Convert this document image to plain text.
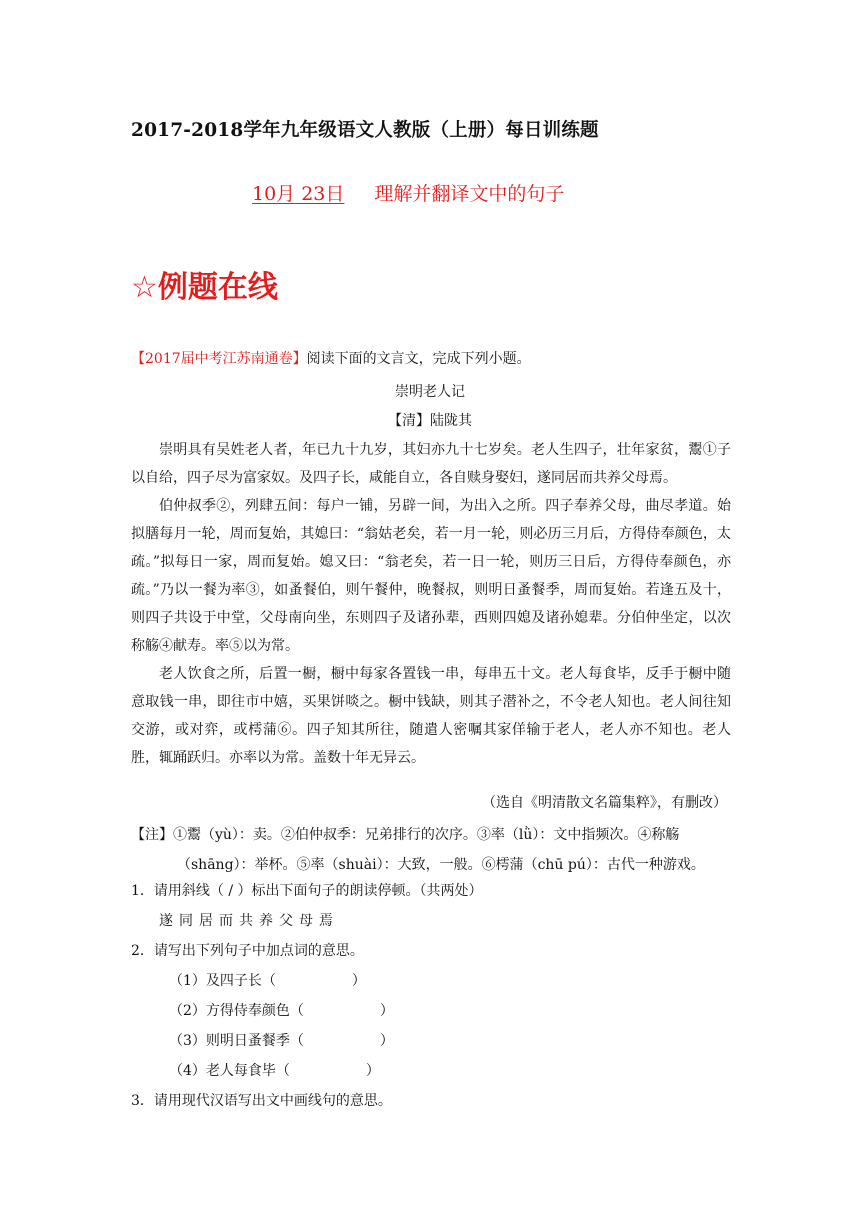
2017-2018学年九年级语文人教版（上册）每日训练题
10月 23日 理解并翻译文中的句子
☆例题在线
【2017届中考江苏南通卷】阅读下面的文言文，完成下列小题。
崇明老人记
【清】陆陇其

崇明具有吴姓老人者，年已九十九岁，其妇亦九十七岁矣。老人生四子，壮年家贫，鬻①子以自给，四子尽为富家奴。及四子长，咸能自立，各自赎身娶妇，遂同居而共养父母焉。

伯仲叔季②，列肆五间：每户一铺，另辟一间，为出入之所。四子奉养父母，曲尽孝道。始拟膳每月一轮，周而复始，其媳曰：“翁姑老矣，若一月一轮，则必历三月后，方得侍奉颜色，太疏。”拟每日一家，周而复始。媳又曰：“翁老矣，若一日一轮，则历三日后，方得侍奉颜色，亦疏。”乃以一餐为率③，如蚤餐伯，则午餐仲，晚餐叔，则明日蚤餐季，周而复始。若逢五及十，则四子共设于中堂，父母南向坐，东则四子及诸孙辈，西则四媳及诸孙媳辈。分伯仲坐定，以次称觞④献寿。率⑤以为常。

老人饮食之所，后置一橱，橱中每家各置钱一串，每串五十文。老人每食毕，反手于橱中随意取钱一串，即往市中嬉，买果饼啖之。橱中钱缺，则其子潜补之，不令老人知也。老人间往知交游，或对弈，或樗蒲⑥。四子知其所往，随遣人密嘱其家佯输于老人，老人亦不知也。老人胜，辄踊跃归。亦率以为常。盖数十年无异云。

（选自《明清散文名篇集粹》，有删改）
【注】①鬻（yù）：卖。②伯仲叔季：兄弟排行的次序。③率（lǜ）：文中指频次。④称觞
（shāng）：举杯。⑤率（shuài）：大致，一般。⑥樗蒲（chū pú）：古代一种游戏。
1．请用斜线（ / ）标出下面句子的朗读停顿。（共两处）
遂同居而共养父母焉
2．请写出下列句子中加点词的意思。
（1）及四子长（	）
（2）方得侍奉颜色（	）
（3）则明日蚤餐季（	）
（4）老人每食毕（	）
3．请用现代汉语写出文中画线句的意思。
